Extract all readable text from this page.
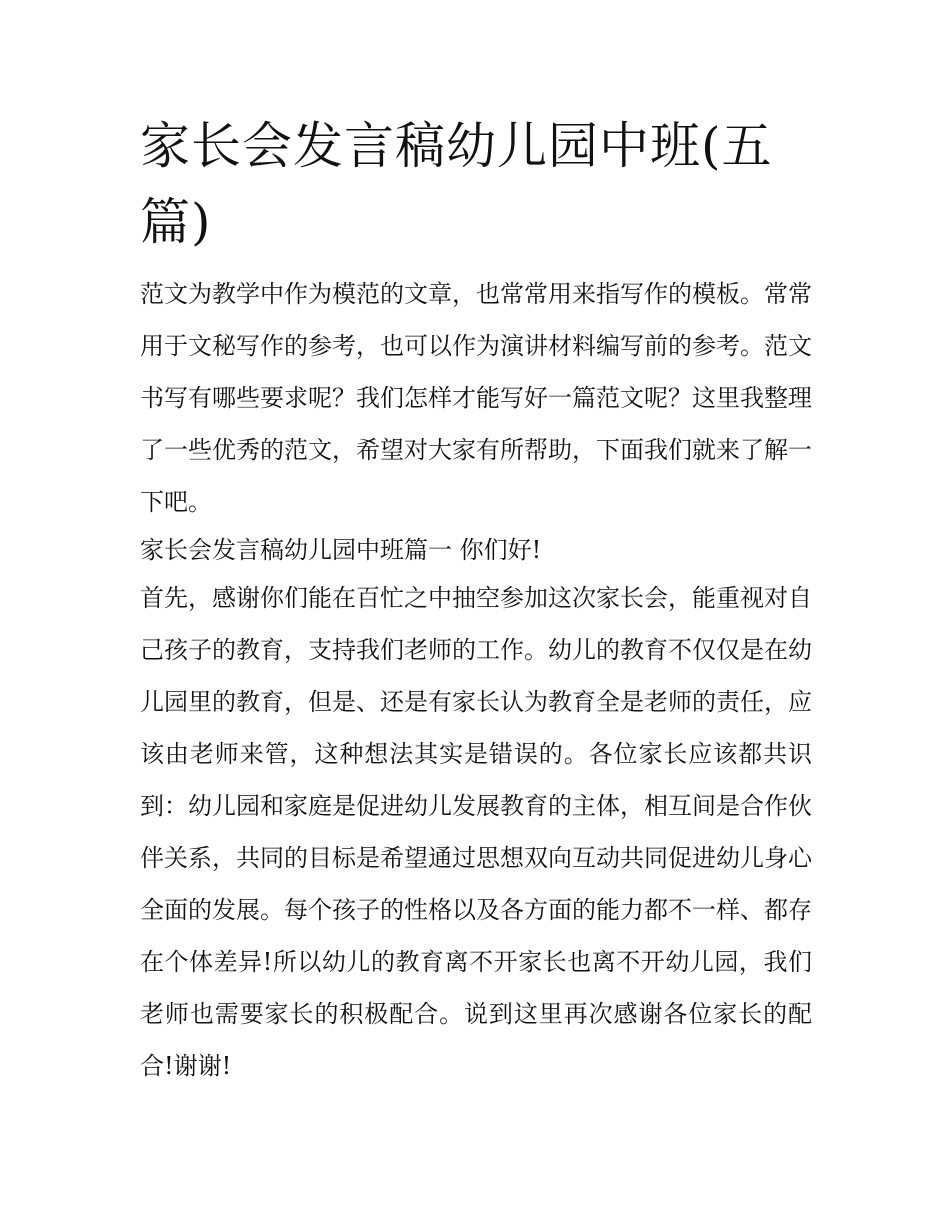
家长会发言稿幼儿园中班(五篇)

范文为教学中作为模范的文章，也常常用来指写作的模板。常常用于文秘写作的参考，也可以作为演讲材料编写前的参考。范文书写有哪些要求呢？我们怎样才能写好一篇范文呢？这里我整理了一些优秀的范文，希望对大家有所帮助，下面我们就来了解一下吧。

家长会发言稿幼儿园中班篇一 你们好!

首先，感谢你们能在百忙之中抽空参加这次家长会，能重视对自己孩子的教育，支持我们老师的工作。幼儿的教育不仅仅是在幼儿园里的教育，但是、还是有家长认为教育全是老师的责任，应该由老师来管，这种想法其实是错误的。各位家长应该都共识到：幼儿园和家庭是促进幼儿发展教育的主体，相互间是合作伙伴关系，共同的目标是希望通过思想双向互动共同促进幼儿身心全面的发展。每个孩子的性格以及各方面的能力都不一样、都存在个体差异!所以幼儿的教育离不开家长也离不开幼儿园，我们老师也需要家长的积极配合。说到这里再次感谢各位家长的配合!谢谢!
